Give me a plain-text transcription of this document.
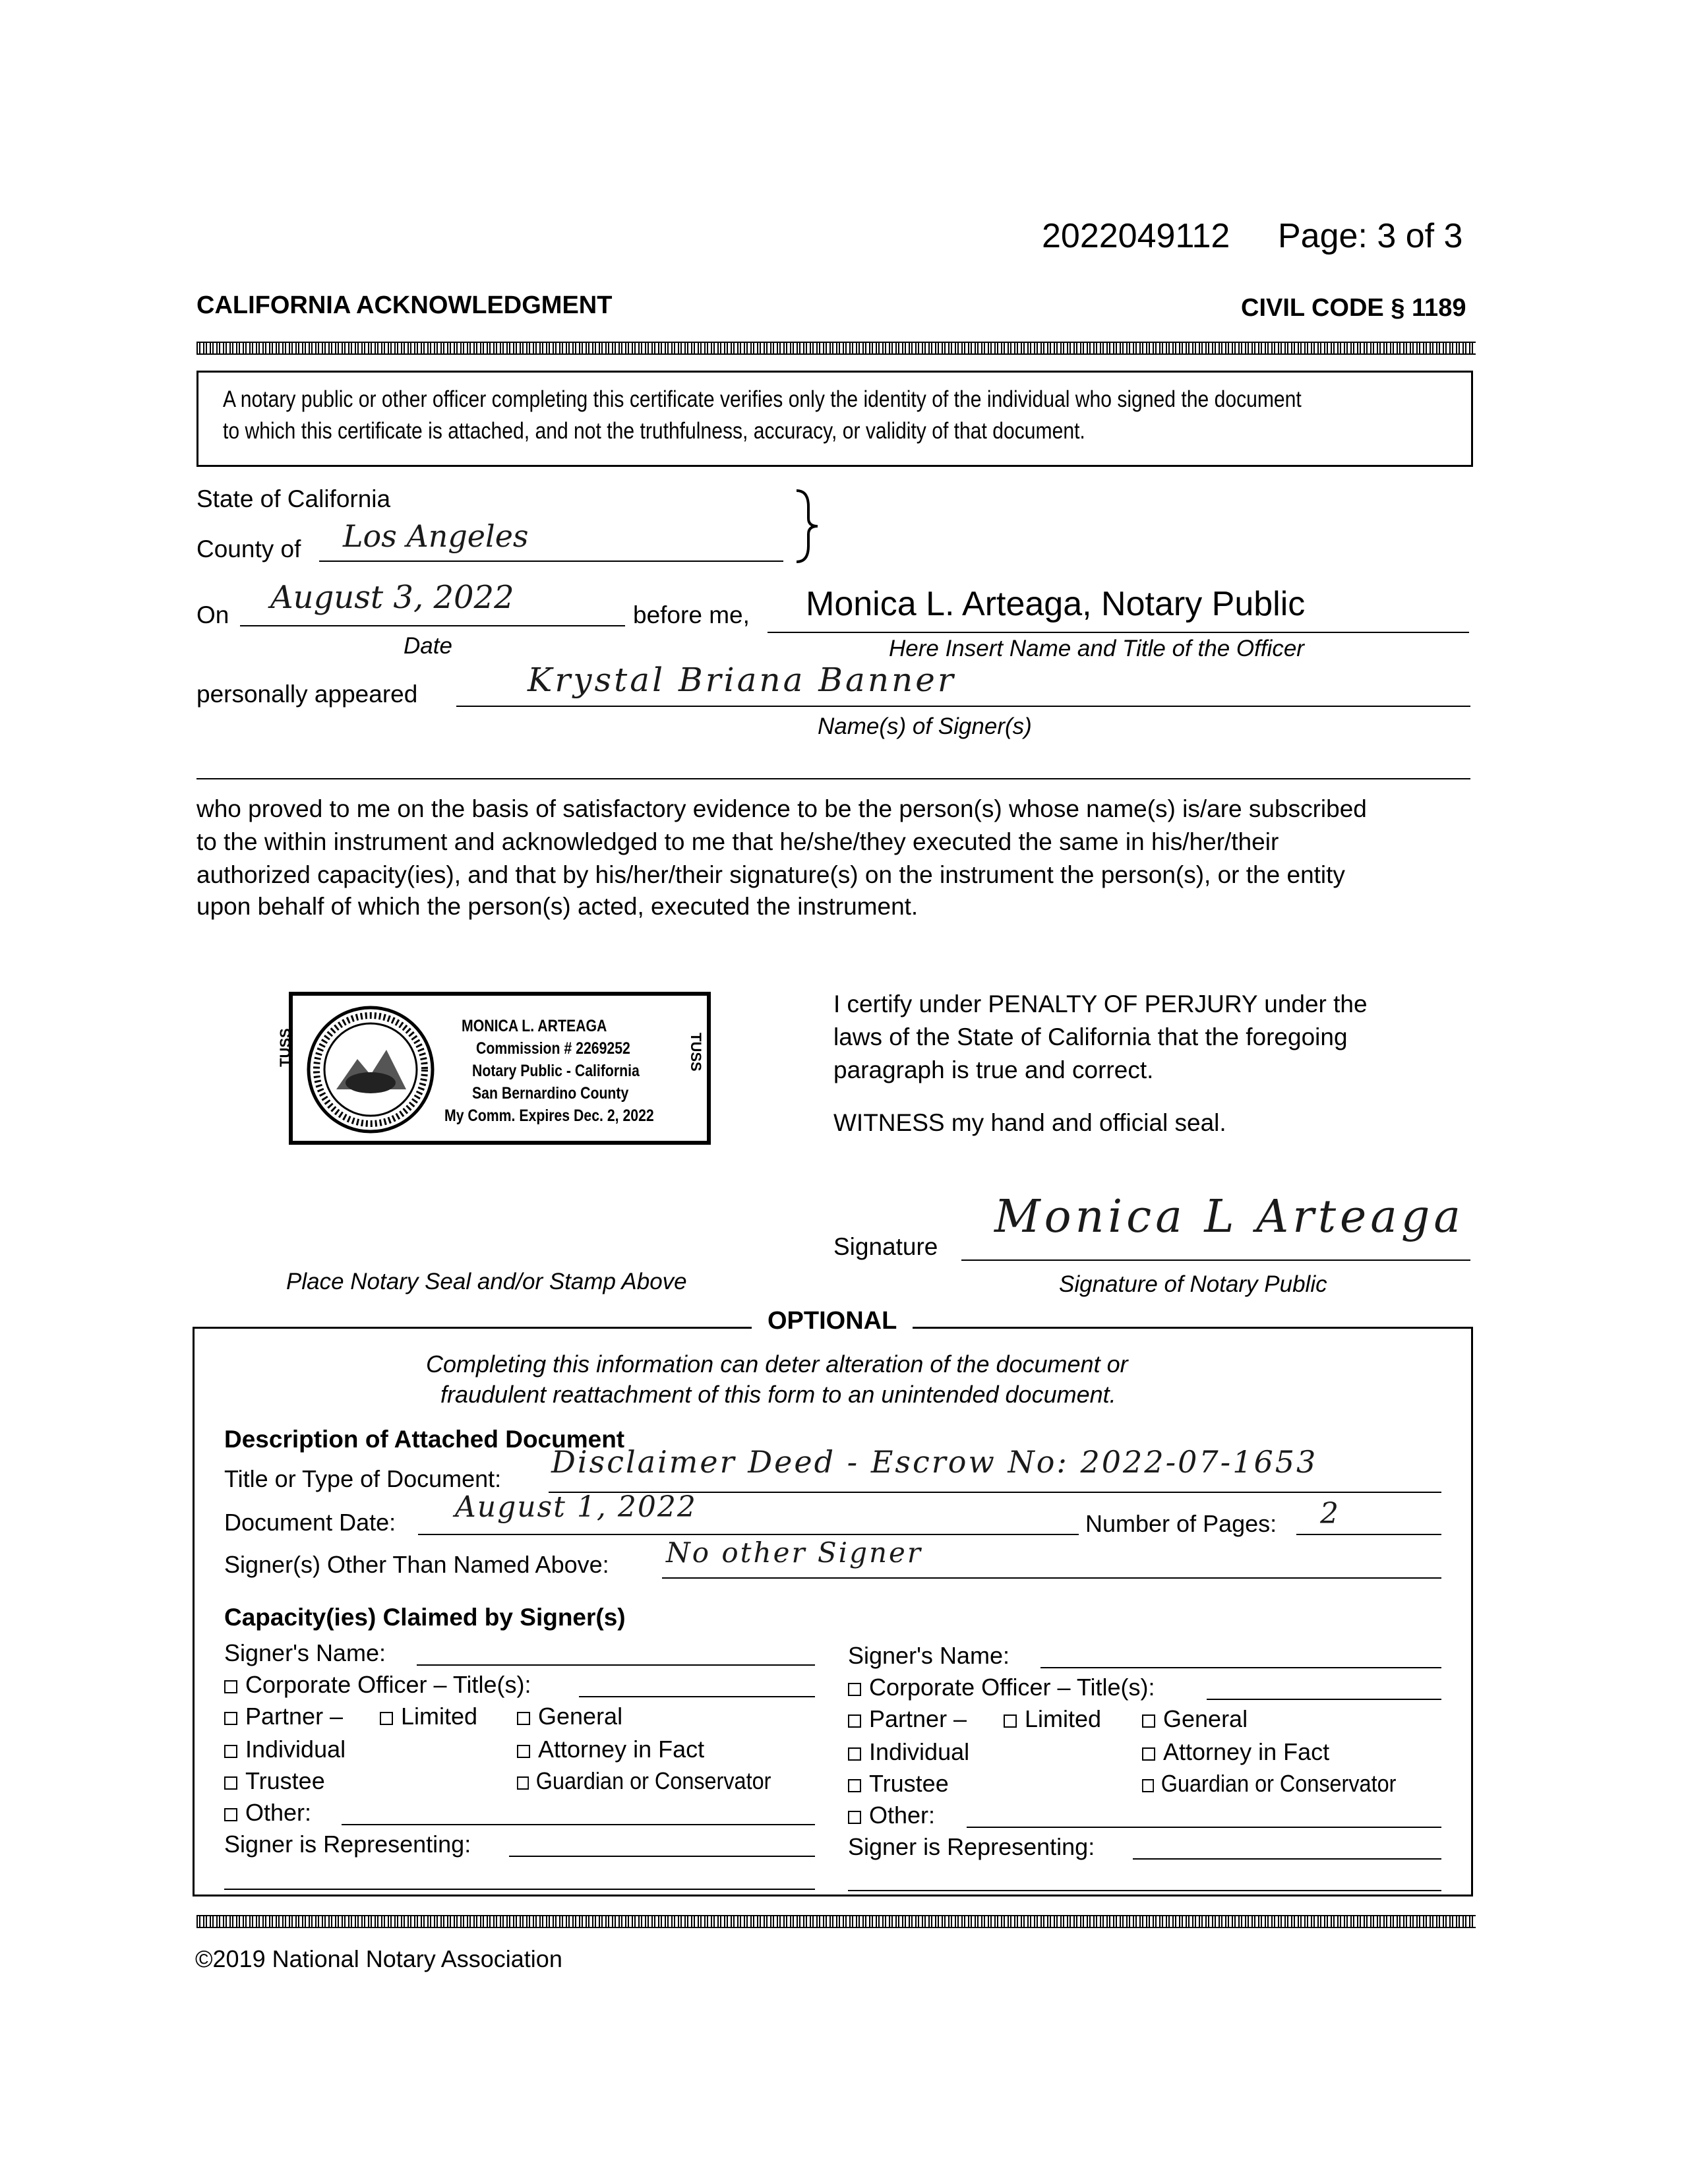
2022049112 Page: 3 of 3
CALIFORNIA ACKNOWLEDGMENT	CIVIL CODE § 1189
A notary public or other officer completing this certificate verifies only the identity of the individual who signed the document
to which this certificate is attached, and not the truthfulness, accuracy, or validity of that document.
State of California
County of Los Angeles
On August 3, 2022	before me, Monica L. Arteaga, Notary Public
Date	Here Insert Name and Title of the Officer
personally appeared	Krystal Briana Banner
Name(s) of Signer(s)
who proved to me on the basis of satisfactory evidence to be the person(s) whose name(s) is/are subscribed
to the within instrument and acknowledged to me that he/she/they executed the same in his/her/their
authorized capacity(ies), and that by his/her/their signature(s) on the instrument the person(s), or the entity
upon behalf of which the person(s) acted, executed the instrument.
MONICA L. ARTEAGA
Commission # 2269252
Notary Public - California
San Bernardino County
My Comm. Expires Dec. 2, 2022
TUSS	TUSS
Place Notary Seal and/or Stamp Above
I certify under PENALTY OF PERJURY under the
laws of the State of California that the foregoing
paragraph is true and correct.
WITNESS my hand and official seal.
Signature
Monica L Arteaga
Signature of Notary Public
OPTIONAL
Completing this information can deter alteration of the document or
fraudulent reattachment of this form to an unintended document.
Description of Attached Document
Title or Type of Document: Disclaimer Deed - Escrow No: 2022-07-1653
Document Date: August 1, 2022	Number of Pages: 2
Signer(s) Other Than Named Above: No other Signer
Capacity(ies) Claimed by Signer(s)
Signer's Name:
Corporate Officer – Title(s):
Partner –	Limited	General
Individual	Attorney in Fact
Trustee	Guardian or Conservator
Other:
Signer is Representing:
Signer's Name:
Corporate Officer – Title(s):
Partner –	Limited	General
Individual	Attorney in Fact
Trustee	Guardian or Conservator
Other:
Signer is Representing:
©2019 National Notary Association
